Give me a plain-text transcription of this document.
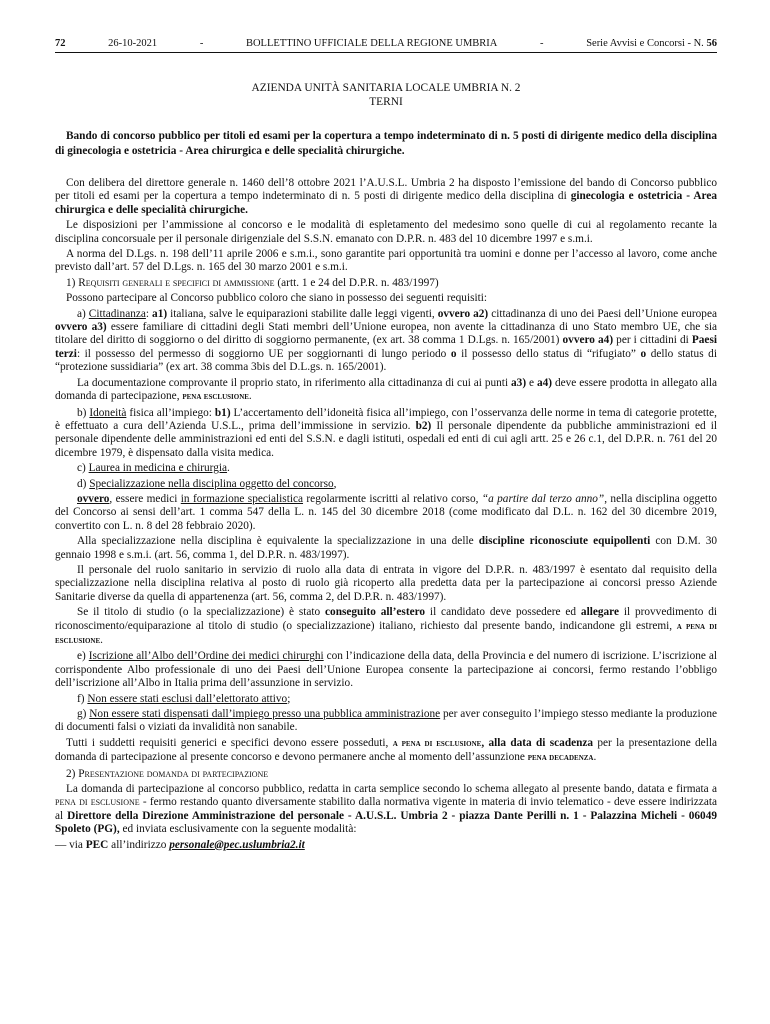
72	26-10-2021	-	BOLLETTINO UFFICIALE DELLA REGIONE UMBRIA	-	Serie Avvisi e Concorsi - N. 56
AZIENDA UNITÀ SANITARIA LOCALE UMBRIA N. 2
TERNI
Bando di concorso pubblico per titoli ed esami per la copertura a tempo indeterminato di n. 5 posti di dirigente medico della disciplina di ginecologia e ostetricia - Area chirurgica e delle specialità chirurgiche.

Con delibera del direttore generale n. 1460 dell’8 ottobre 2021 l’A.U.S.L. Umbria 2 ha disposto l’emissione del bando di Concorso pubblico per titoli ed esami per la copertura a tempo indeterminato di n. 5 posti di dirigente medico della disciplina di ginecologia e ostetricia - Area chirurgica e delle specialità chirurgiche.

Le disposizioni per l’ammissione al concorso e le modalità di espletamento del medesimo sono quelle di cui al regolamento recante la disciplina concorsuale per il personale dirigenziale del S.S.N. emanato con D.P.R. n. 483 del 10 dicembre 1997 e s.m.i.

A norma del D.Lgs. n. 198 dell’11 aprile 2006 e s.m.i., sono garantite pari opportunità tra uomini e donne per l’accesso al lavoro, come anche previsto dall’art. 57 del D.Lgs. n. 165 del 30 marzo 2001 e s.m.i.

1) Requisiti generali e specifici di ammissione (artt. 1 e 24 del D.P.R. n. 483/1997)

Possono partecipare al Concorso pubblico coloro che siano in possesso dei seguenti requisiti:

a) Cittadinanza: a1) italiana, salve le equiparazioni stabilite dalle leggi vigenti, ovvero a2) cittadinanza di uno dei Paesi dell’Unione europea ovvero a3) essere familiare di cittadini degli Stati membri dell’Unione europea, non avente la cittadinanza di uno Stato membro UE, che sia titolare del diritto di soggiorno o del diritto di soggiorno permanente, (ex art. 38 comma 1 D.Lgs. n. 165/2001) ovvero a4) per i cittadini di Paesi terzi: il possesso del permesso di soggiorno UE per soggiornanti di lungo periodo o il possesso dello status di “rifugiato” o dello status di “protezione sussidiaria” (ex art. 38 comma 3bis del D.L.gs. n. 165/2001).

La documentazione comprovante il proprio stato, in riferimento alla cittadinanza di cui ai punti a3) e a4) deve essere prodotta in allegato alla domanda di partecipazione, pena esclusione.

b) Idoneità fisica all’impiego: b1) L’accertamento dell’idoneità fisica all’impiego, con l’osservanza delle norme in tema di categorie protette, è effettuato a cura dell’Azienda U.S.L., prima dell’immissione in servizio. b2) Il personale dipendente da pubbliche amministrazioni ed il personale dipendente delle amministrazioni ed enti del S.S.N. e dagli istituti, ospedali ed enti di cui agli artt. 25 e 26 c.1, del D.P.R. n. 761 del 20 dicembre 1979, è dispensato dalla visita medica.

c) Laurea in medicina e chirurgia.

d) Specializzazione nella disciplina oggetto del concorso,

ovvero, essere medici in formazione specialistica regolarmente iscritti al relativo corso, “a partire dal terzo anno”, nella disciplina oggetto del Concorso ai sensi dell’art. 1 comma 547 della L. n. 145 del 30 dicembre 2018 (come modificato dal D.L. n. 162 del 30 dicembre 2019, convertito con L. n. 8 del 28 febbraio 2020).

Alla specializzazione nella disciplina è equivalente la specializzazione in una delle discipline riconosciute equipollenti con D.M. 30 gennaio 1998 e s.m.i. (art. 56, comma 1, del D.P.R. n. 483/1997).

Il personale del ruolo sanitario in servizio di ruolo alla data di entrata in vigore del D.P.R. n. 483/1997 è esentato dal requisito della specializzazione nella disciplina relativa al posto di ruolo già ricoperto alla predetta data per la partecipazione ai concorsi presso Aziende Sanitarie diverse da quella di appartenenza (art. 56, comma 2, del D.P.R. n. 483/1997).

Se il titolo di studio (o la specializzazione) è stato conseguito all’estero il candidato deve possedere ed allegare il provvedimento di riconoscimento/equiparazione al titolo di studio (o specializzazione) italiano, richiesto dal presente bando, indicandone gli estremi, a pena di esclusione.

e) Iscrizione all’Albo dell’Ordine dei medici chirurghi con l’indicazione della data, della Provincia e del numero di iscrizione. L’iscrizione al corrispondente Albo professionale di uno dei Paesi dell’Unione Europea consente la partecipazione ai concorsi, fermo restando l’obbligo dell’iscrizione all’Albo in Italia prima dell’assunzione in servizio.

f) Non essere stati esclusi dall’elettorato attivo;

g) Non essere stati dispensati dall’impiego presso una pubblica amministrazione per aver conseguito l’impiego stesso mediante la produzione di documenti falsi o viziati da invalidità non sanabile.

Tutti i suddetti requisiti generici e specifici devono essere posseduti, a pena di esclusione, alla data di scadenza per la presentazione della domanda di partecipazione al presente concorso e devono permanere anche al momento dell’assunzione pena decadenza.

2) Presentazione domanda di partecipazione

La domanda di partecipazione al concorso pubblico, redatta in carta semplice secondo lo schema allegato al presente bando, datata e firmata a pena di esclusione - fermo restando quanto diversamente stabilito dalla normativa vigente in materia di invio telematico - deve essere indirizzata al Direttore della Direzione Amministrazione del personale - A.U.S.L. Umbria 2 - piazza Dante Perilli n. 1 - Palazzina Micheli - 06049 Spoleto (PG), ed inviata esclusivamente con la seguente modalità:

— via PEC all’indirizzo personale@pec.uslumbria2.it
